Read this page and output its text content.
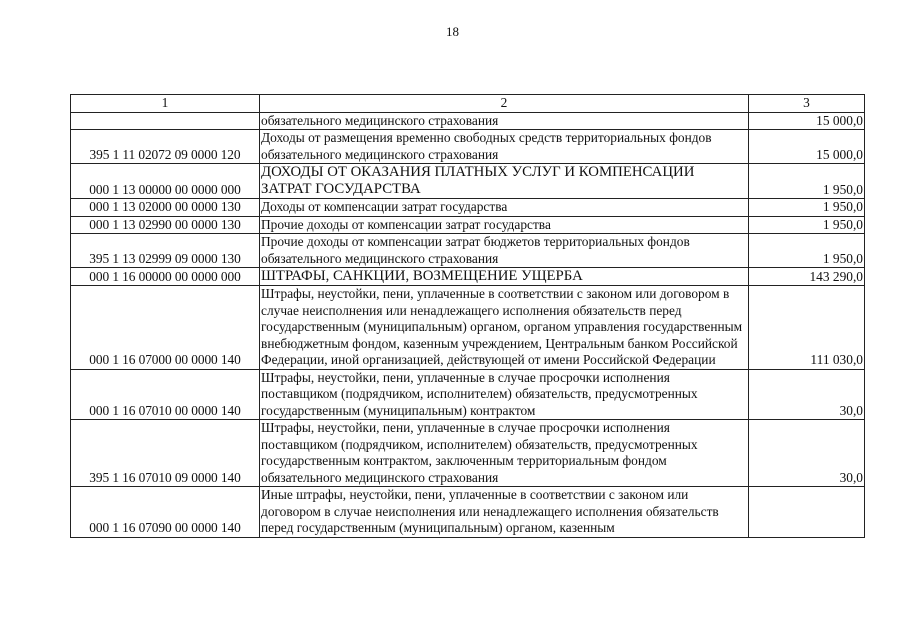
18
1	2	3
	обязательного медицинского страхования	15 000,0
395 1 11 02072 09 0000 120	Доходы от размещения временно свободных средств территориальных фондов обязательного медицинского страхования	15 000,0
000 1 13 00000 00 0000 000	ДОХОДЫ ОТ ОКАЗАНИЯ ПЛАТНЫХ УСЛУГ И КОМПЕНСАЦИИ ЗАТРАТ ГОСУДАРСТВА	1 950,0
000 1 13 02000 00 0000 130	Доходы от компенсации затрат государства	1 950,0
000 1 13 02990 00 0000 130	Прочие доходы от компенсации затрат государства	1 950,0
395 1 13 02999 09 0000 130	Прочие доходы от компенсации затрат бюджетов территориальных фондов обязательного медицинского страхования	1 950,0
000 1 16 00000 00 0000 000	ШТРАФЫ, САНКЦИИ, ВОЗМЕЩЕНИЕ УЩЕРБА	143 290,0
000 1 16 07000 00 0000 140	Штрафы, неустойки, пени, уплаченные в соответствии с законом или договором в случае неисполнения или ненадлежащего исполнения обязательств перед государственным (муниципальным) органом, органом управления государственным внебюджетным фондом, казенным учреждением, Центральным банком Российской Федерации, иной организацией, действующей от имени Российской Федерации	111 030,0
000 1 16 07010 00 0000 140	Штрафы, неустойки, пени, уплаченные в случае просрочки исполнения поставщиком (подрядчиком, исполнителем) обязательств, предусмотренных государственным (муниципальным) контрактом	30,0
395 1 16 07010 09 0000 140	Штрафы, неустойки, пени, уплаченные в случае просрочки исполнения поставщиком (подрядчиком, исполнителем) обязательств, предусмотренных государственным контрактом, заключенным территориальным фондом обязательного медицинского страхования	30,0
000 1 16 07090 00 0000 140	Иные штрафы, неустойки, пени, уплаченные в соответствии с законом или договором в случае неисполнения или ненадлежащего исполнения обязательств перед государственным (муниципальным) органом, казенным	
